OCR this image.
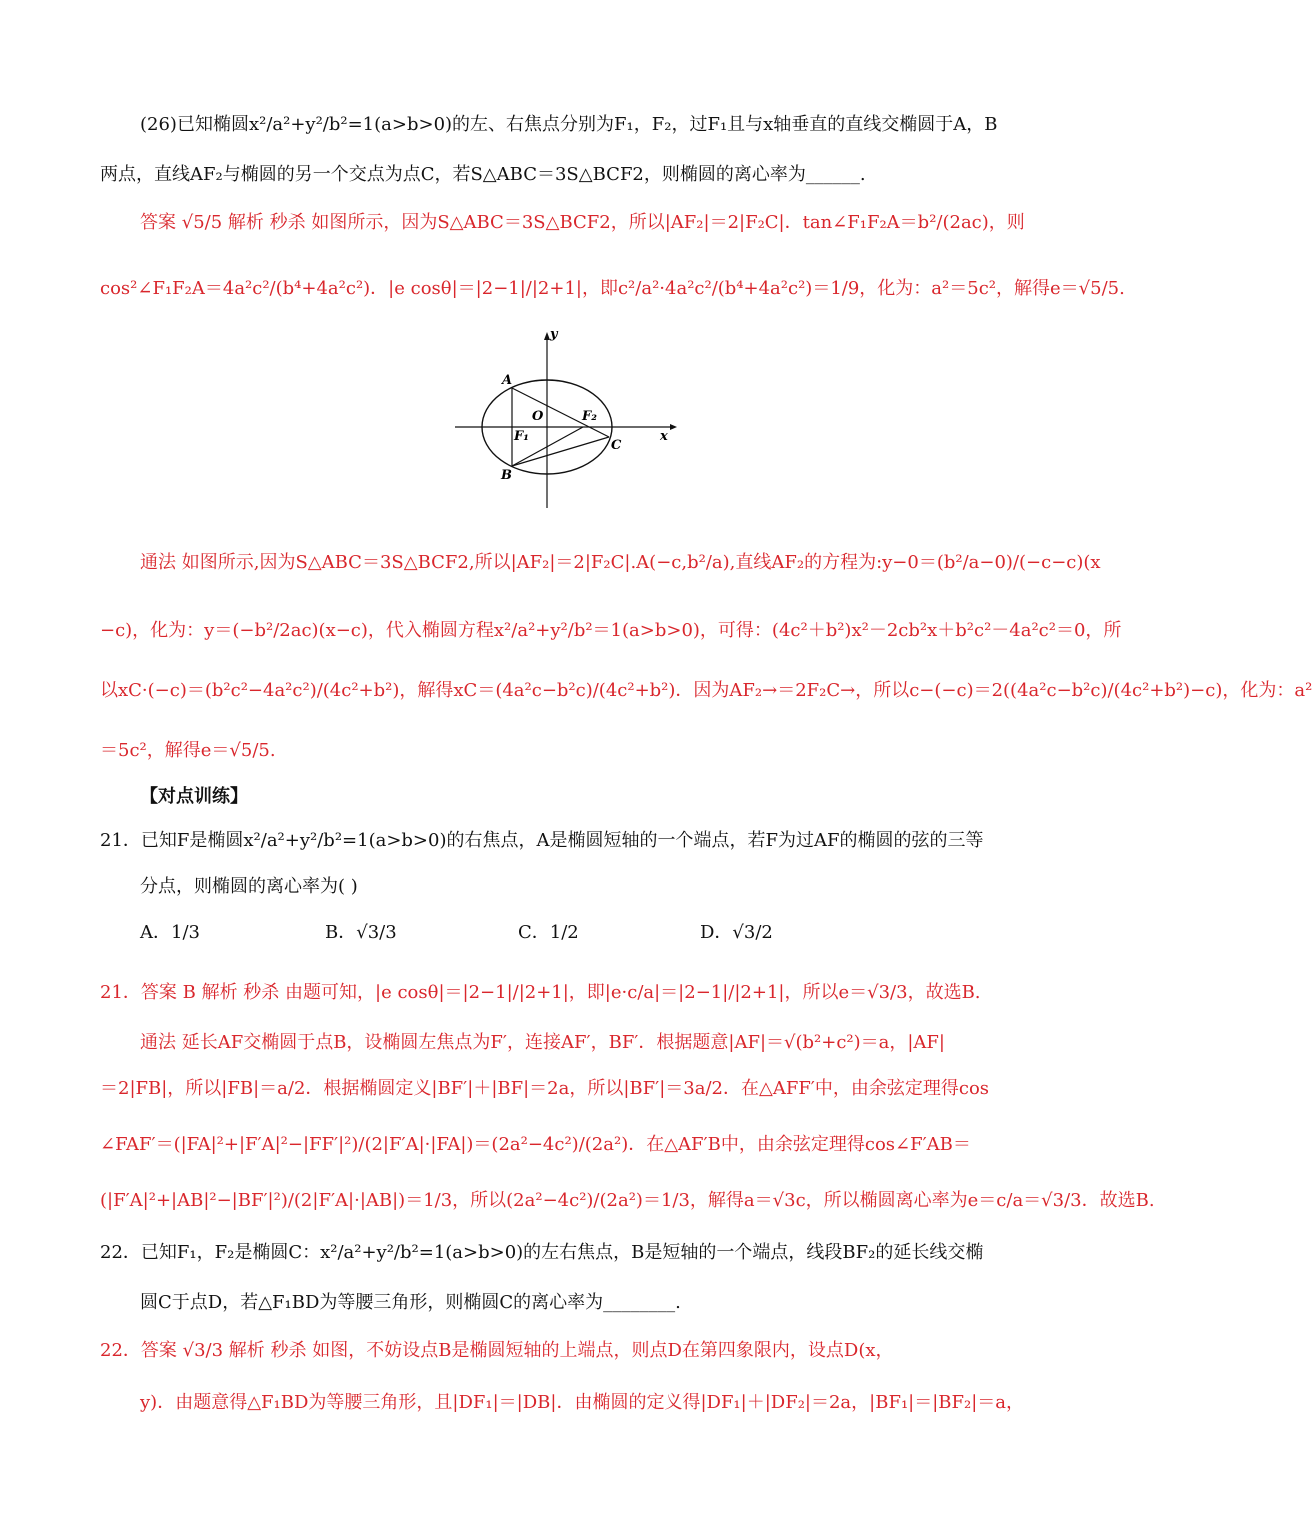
(26)已知椭圆x²/a²+y²/b²=1(a>b>0)的左、右焦点分别为F₁，F₂，过F₁且与x轴垂直的直线交椭圆于A，B
两点，直线AF₂与椭圆的另一个交点为点C，若S△ABC＝3S△BCF2，则椭圆的离心率为______.
答案 √5/5 解析 秒杀 如图所示，因为S△ABC＝3S△BCF2，所以|AF₂|＝2|F₂C|．tan∠F₁F₂A＝b²/(2ac)，则
cos²∠F₁F₂A＝4a²c²/(b⁴+4a²c²)．|e cosθ|＝|2−1|/|2+1|，即c²/a²·4a²c²/(b⁴+4a²c²)＝1/9，化为：a²＝5c²，解得e＝√5/5.
y
x
A
O
F₁
F₂
C
B
通法 如图所示,因为S△ABC＝3S△BCF2,所以|AF₂|＝2|F₂C|.A(−c,b²/a),直线AF₂的方程为:y−0＝(b²/a−0)/(−c−c)(x
−c)，化为：y＝(−b²/2ac)(x−c)，代入椭圆方程x²/a²+y²/b²＝1(a>b>0)，可得：(4c²＋b²)x²－2cb²x＋b²c²－4a²c²＝0，所
以xC·(−c)＝(b²c²−4a²c²)/(4c²+b²)，解得xC＝(4a²c−b²c)/(4c²+b²)．因为AF₂→＝2F₂C→，所以c−(−c)＝2((4a²c−b²c)/(4c²+b²)−c)，化为：a²
＝5c²，解得e＝√5/5.
【对点训练】
21．已知F是椭圆x²/a²+y²/b²=1(a>b>0)的右焦点，A是椭圆短轴的一个端点，若F为过AF的椭圆的弦的三等
分点，则椭圆的离心率为( )
A．1/3	B．√3/3	C．1/2	D．√3/2
21．答案 B 解析 秒杀 由题可知，|e cosθ|＝|2−1|/|2+1|，即|e·c/a|＝|2−1|/|2+1|，所以e＝√3/3，故选B.
通法 延长AF交椭圆于点B，设椭圆左焦点为F′，连接AF′，BF′．根据题意|AF|＝√(b²+c²)＝a，|AF|
＝2|FB|，所以|FB|＝a/2．根据椭圆定义|BF′|＋|BF|＝2a，所以|BF′|＝3a/2．在△AFF′中，由余弦定理得cos
∠FAF′＝(|FA|²+|F′A|²−|FF′|²)/(2|F′A|·|FA|)＝(2a²−4c²)/(2a²)．在△AF′B中，由余弦定理得cos∠F′AB＝
(|F′A|²+|AB|²−|BF′|²)/(2|F′A|·|AB|)＝1/3，所以(2a²−4c²)/(2a²)＝1/3，解得a＝√3c，所以椭圆离心率为e＝c/a＝√3/3．故选B.
22．已知F₁，F₂是椭圆C：x²/a²+y²/b²=1(a>b>0)的左右焦点，B是短轴的一个端点，线段BF₂的延长线交椭
圆C于点D，若△F₁BD为等腰三角形，则椭圆C的离心率为________.
22．答案 √3/3 解析 秒杀 如图，不妨设点B是椭圆短轴的上端点，则点D在第四象限内，设点D(x，
y)．由题意得△F₁BD为等腰三角形，且|DF₁|＝|DB|．由椭圆的定义得|DF₁|＋|DF₂|＝2a，|BF₁|＝|BF₂|＝a，
